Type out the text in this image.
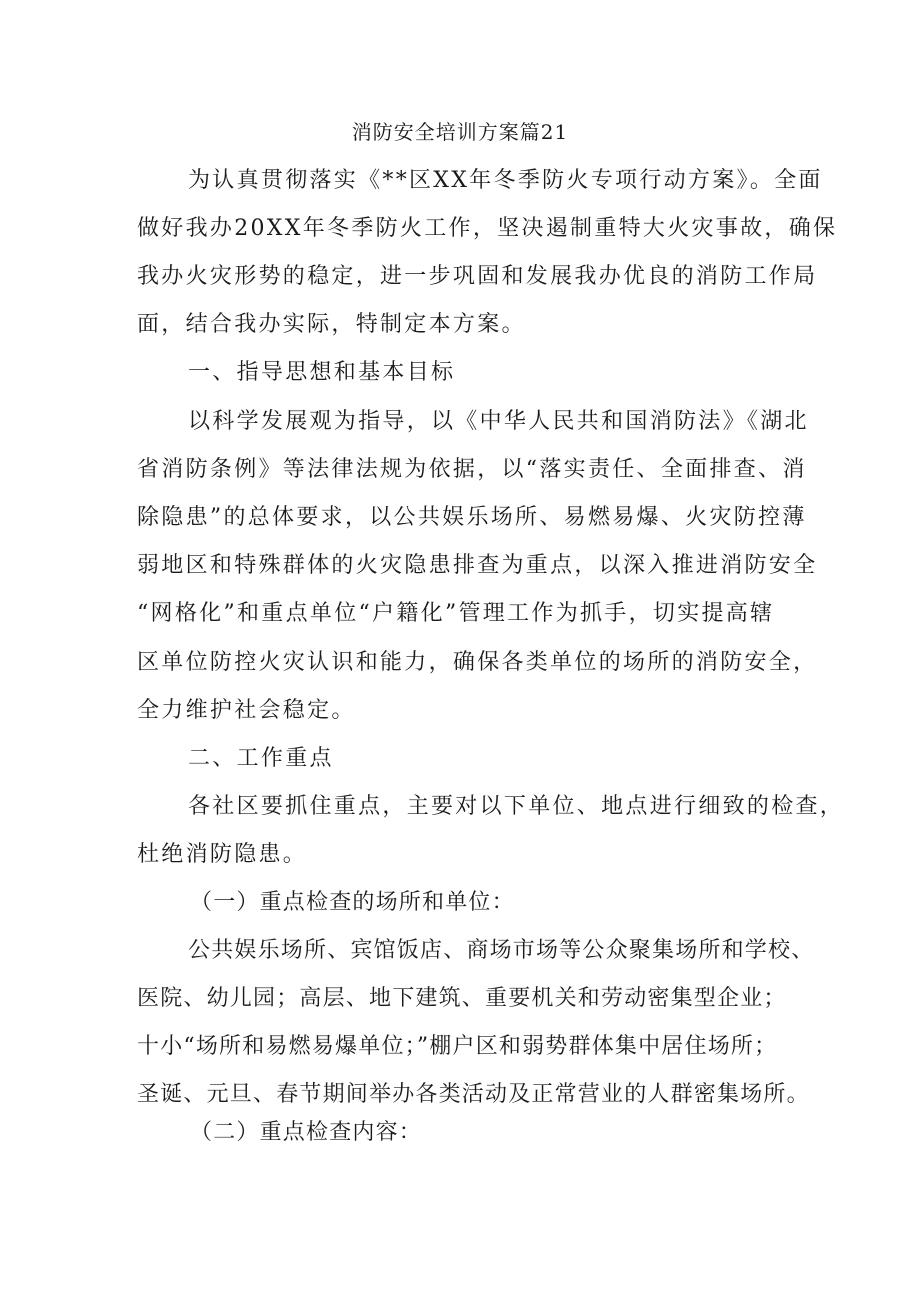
消防安全培训方案篇21
为认真贯彻落实《**区XX年冬季防火专项行动方案》。全面
做好我办20XX年冬季防火工作，坚决遏制重特大火灾事故，确保
我办火灾形势的稳定，进一步巩固和发展我办优良的消防工作局
面，结合我办实际，特制定本方案。
一、指导思想和基本目标
以科学发展观为指导，以《中华人民共和国消防法》《湖北
省消防条例》等法律法规为依据，以“落实责任、全面排查、消
除隐患”的总体要求，以公共娱乐场所、易燃易爆、火灾防控薄
弱地区和特殊群体的火灾隐患排查为重点，以深入推进消防安全
“网格化”和重点单位“户籍化”管理工作为抓手，切实提高辖
区单位防控火灾认识和能力，确保各类单位的场所的消防安全，
全力维护社会稳定。
二、工作重点
各社区要抓住重点，主要对以下单位、地点进行细致的检查，
杜绝消防隐患。
（一）重点检查的场所和单位：
公共娱乐场所、宾馆饭店、商场市场等公众聚集场所和学校、
医院、幼儿园；高层、地下建筑、重要机关和劳动密集型企业；
十小“场所和易燃易爆单位；”棚户区和弱势群体集中居住场所；
圣诞、元旦、春节期间举办各类活动及正常营业的人群密集场所。
（二）重点检查内容：
